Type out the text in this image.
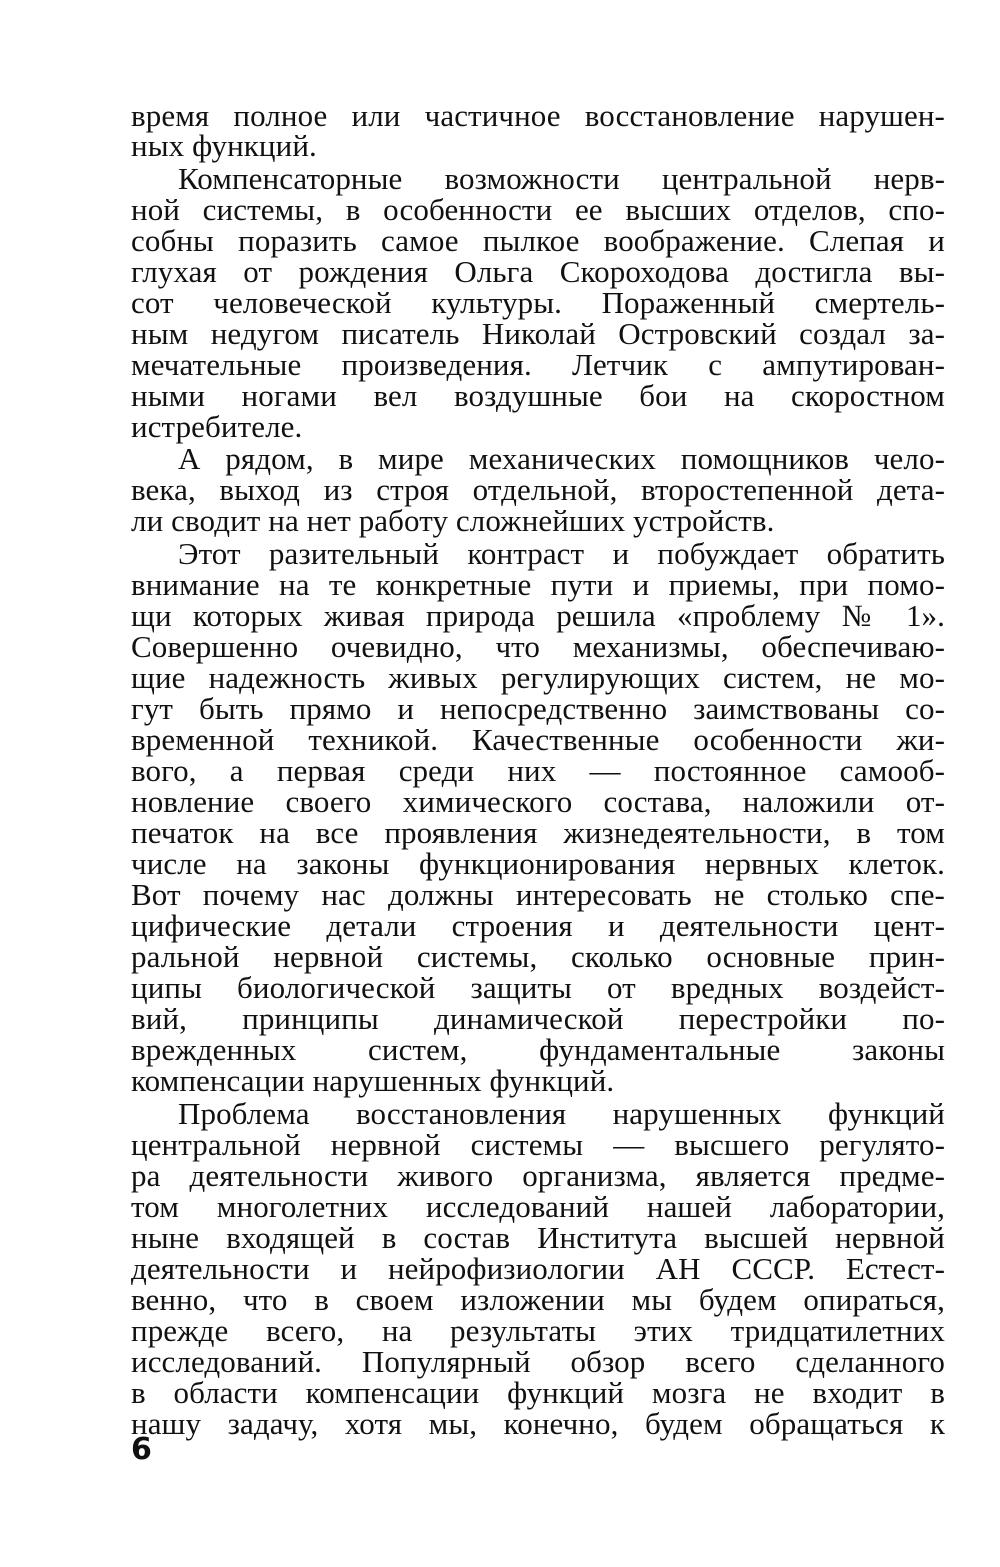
время полное или частичное восстановление нарушен-
ных функций.
Компенсаторные возможности центральной нерв-
ной системы, в особенности ее высших отделов, спо-
собны поразить самое пылкое воображение. Слепая и
глухая от рождения Ольга Скороходова достигла вы-
сот человеческой культуры. Пораженный смертель-
ным недугом писатель Николай Островский создал за-
мечательные произведения. Летчик с ампутирован-
ными ногами вел воздушные бои на скоростном
истребителе.
А рядом, в мире механических помощников чело-
века, выход из строя отдельной, второстепенной дета-
ли сводит на нет работу сложнейших устройств.
Этот разительный контраст и побуждает обратить
внимание на те конкретные пути и приемы, при помо-
щи которых живая природа решила «проблему № 1».
Совершенно очевидно, что механизмы, обеспечиваю-
щие надежность живых регулирующих систем, не мо-
гут быть прямо и непосредственно заимствованы со-
временной техникой. Качественные особенности жи-
вого, а первая среди них — постоянное самооб-
новление своего химического состава, наложили от-
печаток на все проявления жизнедеятельности, в том
числе на законы функционирования нервных клеток.
Вот почему нас должны интересовать не столько спе-
цифические детали строения и деятельности цент-
ральной нервной системы, сколько основные прин-
ципы биологической защиты от вредных воздейст-
вий, принципы динамической перестройки по-
врежденных систем, фундаментальные законы
компенсации нарушенных функций.
Проблема восстановления нарушенных функций
центральной нервной системы — высшего регулято-
ра деятельности живого организма, является предме-
том многолетних исследований нашей лаборатории,
ныне входящей в состав Института высшей нервной
деятельности и нейрофизиологии АН СССР. Естест-
венно, что в своем изложении мы будем опираться,
прежде всего, на результаты этих тридцатилетних
исследований. Популярный обзор всего сделанного
в области компенсации функций мозга не входит в
нашу задачу, хотя мы, конечно, будем обращаться к
6
